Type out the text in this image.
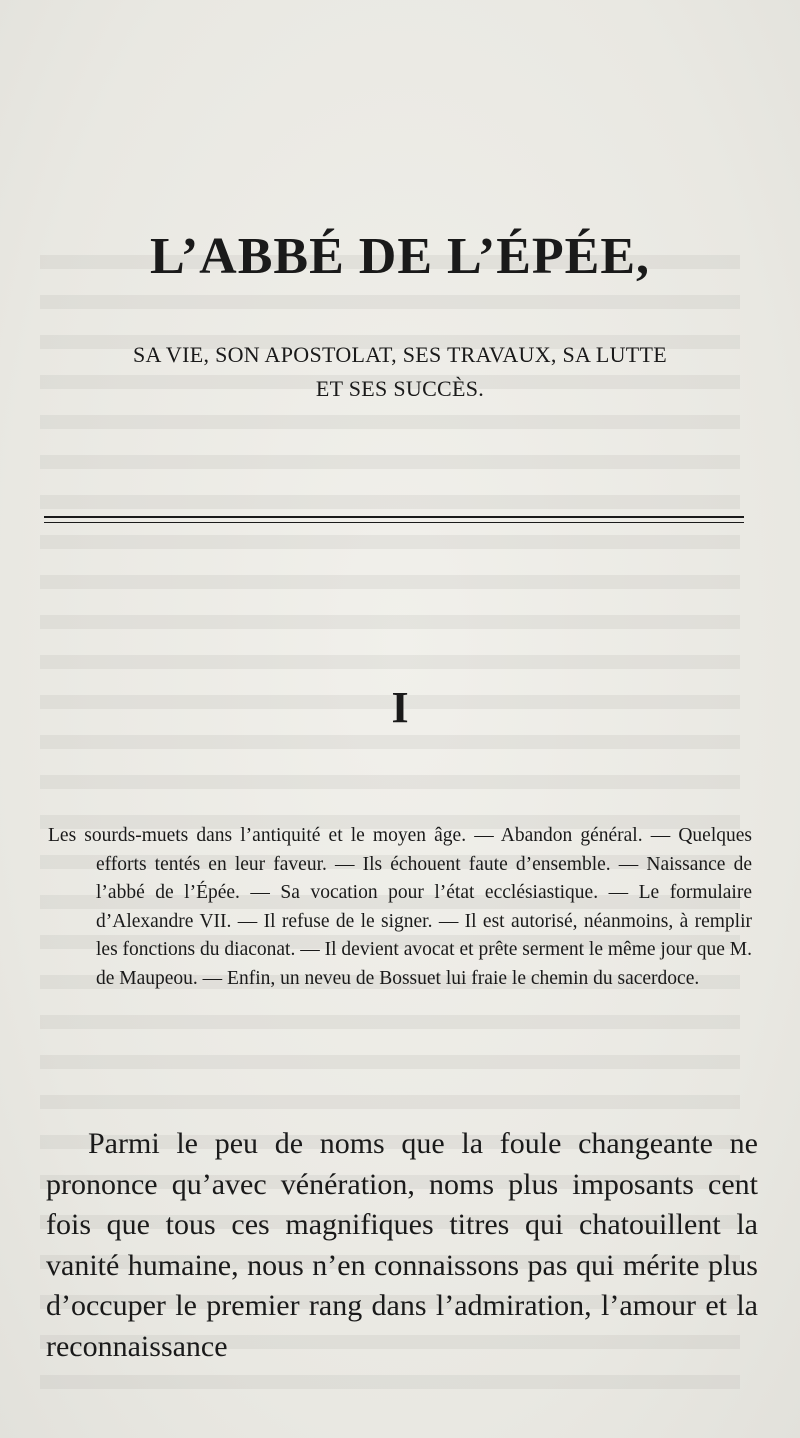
L’ABBÉ DE L’ÉPÉE,
SA VIE, SON APOSTOLAT, SES TRAVAUX, SA LUTTE
ET SES SUCCÈS.
I

Les sourds-muets dans l’antiquité et le moyen âge. — Abandon général. — Quelques efforts tentés en leur faveur. — Ils échouent faute d’ensemble. — Naissance de l’abbé de l’Épée. — Sa vocation pour l’état ecclésiastique. — Le formulaire d’Alexandre VII. — Il refuse de le signer. — Il est autorisé, néanmoins, à remplir les fonctions du diaconat. — Il devient avocat et prête serment le même jour que M. de Maupeou. — Enfin, un neveu de Bossuet lui fraie le chemin du sacerdoce.

Parmi le peu de noms que la foule changeante ne prononce qu’avec vénération, noms plus imposants cent fois que tous ces magnifiques titres qui chatouillent la vanité humaine, nous n’en connaissons pas qui mérite plus d’occuper le premier rang dans l’admiration, l’amour et la reconnaissance
